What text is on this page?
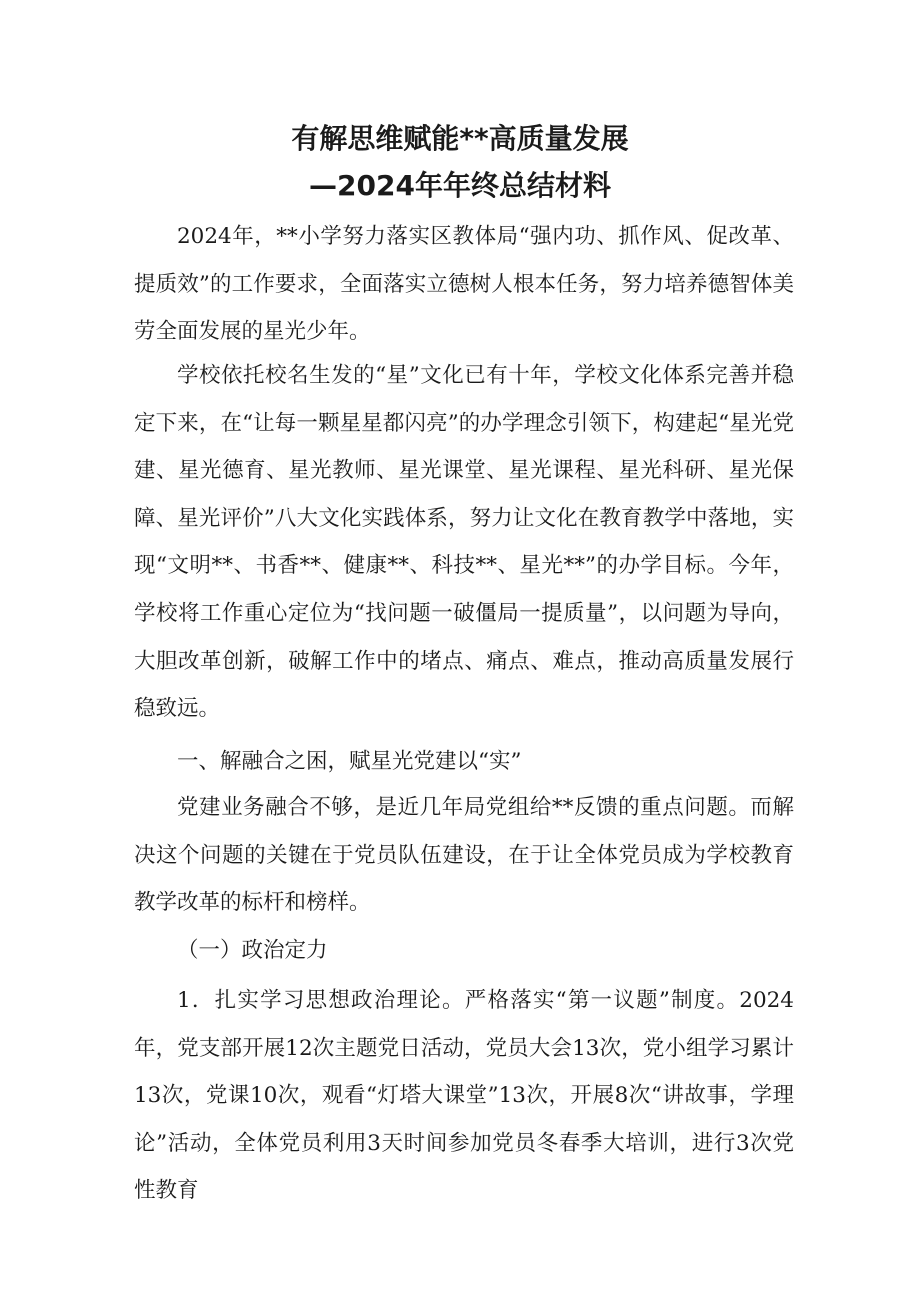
有解思维赋能**高质量发展
—2024年年终总结材料

2024年，**小学努力落实区教体局“强内功、抓作风、促改革、提质效”的工作要求，全面落实立德树人根本任务，努力培养德智体美劳全面发展的星光少年。

学校依托校名生发的“星”文化已有十年，学校文化体系完善并稳定下来，在“让每一颗星星都闪亮”的办学理念引领下，构建起“星光党建、星光德育、星光教师、星光课堂、星光课程、星光科研、星光保障、星光评价”八大文化实践体系，努力让文化在教育教学中落地，实现“文明**、书香**、健康**、科技**、星光**”的办学目标。今年，学校将工作重心定位为“找问题一破僵局一提质量”，以问题为导向，大胆改革创新，破解工作中的堵点、痛点、难点，推动高质量发展行稳致远。

一、解融合之困，赋星光党建以“实”

党建业务融合不够，是近几年局党组给**反馈的重点问题。而解决这个问题的关键在于党员队伍建设，在于让全体党员成为学校教育教学改革的标杆和榜样。

（一）政治定力

1．扎实学习思想政治理论。严格落实“第一议题”制度。2024年，党支部开展12次主题党日活动，党员大会13次，党小组学习累计13次，党课10次，观看“灯塔大课堂”13次，开展8次“讲故事，学理论”活动，全体党员利用3天时间参加党员冬春季大培训，进行3次党性教育
